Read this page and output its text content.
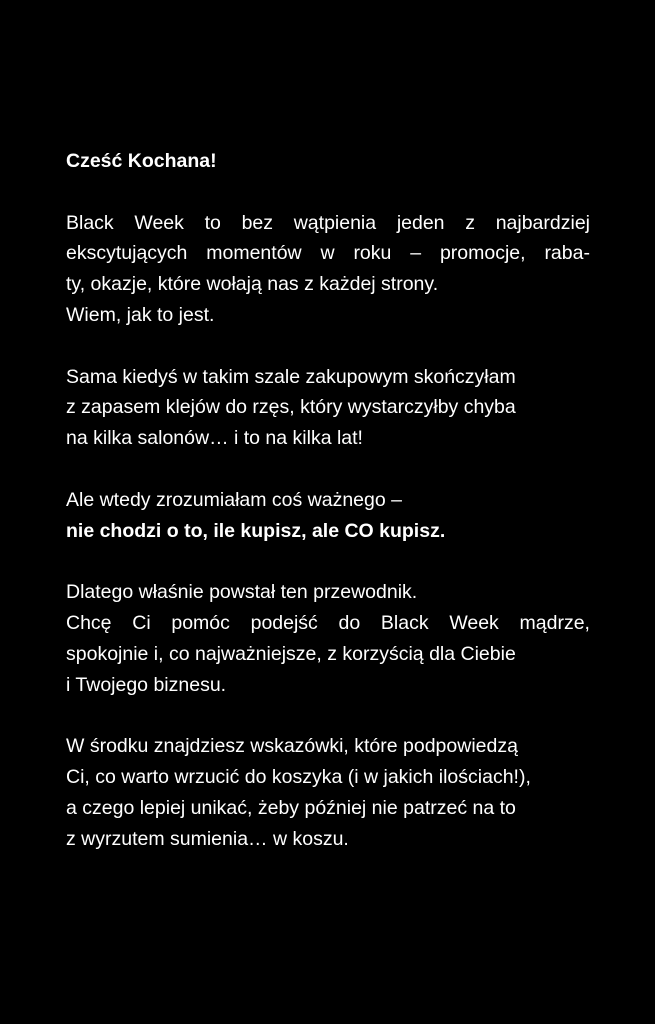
Cześć Kochana!
Black Week to bez wątpienia jeden z najbardziej
ekscytujących momentów w roku – promocje, raba-
ty, okazje, które wołają nas z każdej strony.
Wiem, jak to jest.
Sama kiedyś w takim szale zakupowym skończyłam
z zapasem klejów do rzęs, który wystarczyłby chyba
na kilka salonów… i to na kilka lat!
Ale wtedy zrozumiałam coś ważnego –
nie chodzi o to, ile kupisz, ale CO kupisz.
Dlatego właśnie powstał ten przewodnik.
Chcę Ci pomóc podejść do Black Week mądrze,
spokojnie i, co najważniejsze, z korzyścią dla Ciebie
i Twojego biznesu.
W środku znajdziesz wskazówki, które podpowiedzą
Ci, co warto wrzucić do koszyka (i w jakich ilościach!),
a czego lepiej unikać, żeby później nie patrzeć na to
z wyrzutem sumienia… w koszu.
